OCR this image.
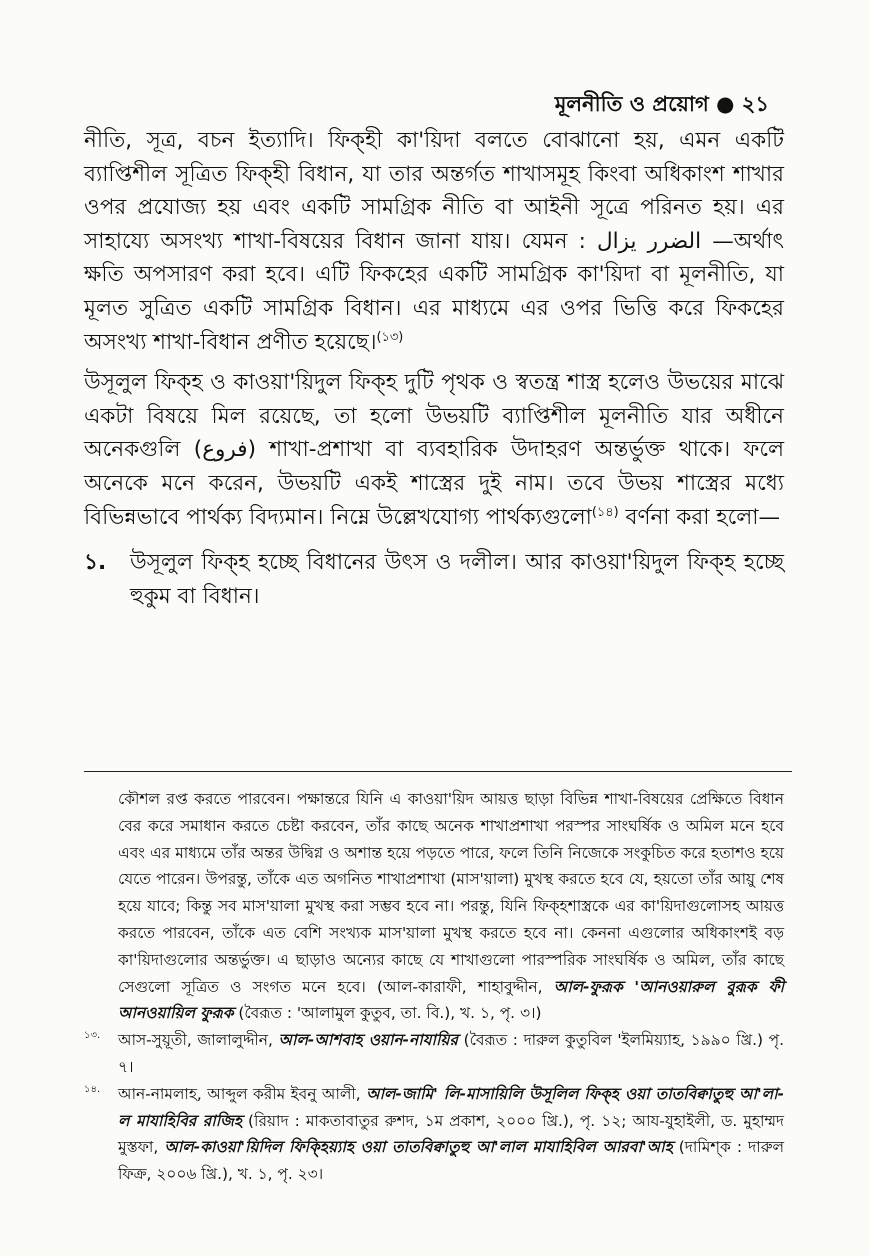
মূলনীতি ও প্রয়োগ ● ২১

নীতি, সূত্র, বচন ইত্যাদি। ফিক্হী কা'য়িদা বলতে বোঝানো হয়, এমন একটি ব্যাপ্তিশীল সূত্রিত ফিক্হী বিধান, যা তার অন্তর্গত শাখাসমূহ কিংবা অধিকাংশ শাখার ওপর প্রযোজ্য হয় এবং একটি সামগ্রিক নীতি বা আইনী সূত্রে পরিনত হয়। এর সাহায্যে অসংখ্য শাখা-বিষয়ের বিধান জানা যায়। যেমন : الضرر يزال —অর্থাৎ ক্ষতি অপসারণ করা হবে। এটি ফিকহের একটি সামগ্রিক কা'য়িদা বা মূলনীতি, যা মূলত সুত্রিত একটি সামগ্রিক বিধান। এর মাধ্যমে এর ওপর ভিত্তি করে ফিকহের অসংখ্য শাখা-বিধান প্রণীত হয়েছে।$^{(১৩)}$

উসূলুল ফিক্হ ও কাওয়া'য়িদুল ফিক্হ দুটি পৃথক ও স্বতন্ত্র শাস্ত্র হলেও উভয়ের মাঝে একটা বিষয়ে মিল রয়েছে, তা হলো উভয়টি ব্যাপ্তিশীল মূলনীতি যার অধীনে অনেকগুলি (فروع) শাখা-প্রশাখা বা ব্যবহারিক উদাহরণ অন্তর্ভুক্ত থাকে। ফলে অনেকে মনে করেন, উভয়টি একই শাস্ত্রের দুই নাম। তবে উভয় শাস্ত্রের মধ্যে বিভিন্নভাবে পার্থক্য বিদ্যমান। নিম্নে উল্লেখযোগ্য পার্থক্যগুলো$^{(১৪)}$ বর্ণনা করা হলো—

১. উসূলুল ফিক্হ হচ্ছে বিধানের উৎস ও দলীল। আর কাওয়া'য়িদুল ফিক্হ হচ্ছে হুকুম বা বিধান।

কৌশল রপ্ত করতে পারবেন। পক্ষান্তরে যিনি এ কাওয়া'য়িদ আয়ত্ত ছাড়া বিভিন্ন শাখা-বিষয়ের প্রেক্ষিতে বিধান বের করে সমাধান করতে চেষ্টা করবেন, তাঁর কাছে অনেক শাখাপ্রশাখা পরস্পর সাংঘর্ষিক ও অমিল মনে হবে এবং এর মাধ্যমে তাঁর অন্তর উদ্বিগ্ন ও অশান্ত হয়ে পড়তে পারে, ফলে তিনি নিজেকে সংকুচিত করে হতাশও হয়ে যেতে পারেন। উপরন্তু, তাঁকে এত অগনিত শাখাপ্রশাখা (মাস'য়ালা) মুখস্থ করতে হবে যে, হয়তো তাঁর আয়ু শেষ হয়ে যাবে; কিন্তু সব মাস'য়ালা মুখস্থ করা সম্ভব হবে না। পরন্তু, যিনি ফিক্হশাস্ত্রকে এর কা'য়িদাগুলোসহ আয়ত্ত করতে পারবেন, তাঁকে এত বেশি সংখ্যক মাস'য়ালা মুখস্থ করতে হবে না। কেননা এগুলোর অধিকাংশই বড় কা'য়িদাগুলোর অন্তর্ভুক্ত। এ ছাড়াও অন্যের কাছে যে শাখাগুলো পারস্পরিক সাংঘর্ষিক ও অমিল, তাঁর কাছে সেগুলো সূত্রিত ও সংগত মনে হবে। (আল-কারাফী, শাহাবুদ্দীন, আল-ফুরূক 'আনওয়ারুল বুরূক ফী আনওয়ায়িল ফুরূক (বৈরূত : 'আলামুল কুতুব, তা. বি.), খ. ১, পৃ. ৩।)

১৩. আস-সুয়ূতী, জালালুদ্দীন, আল-আশবাহ ওয়ান-নাযায়ির (বৈরূত : দারুল কুতুবিল 'ইলমিয়্যাহ, ১৯৯০ খ্রি.) পৃ. ৭।

১৪. আন-নামলাহ, আব্দুল করীম ইবনু আলী, আল-জামি' লি-মাসায়িলি উসূলিল ফিক্হ ওয়া তাতবিক্বাতুহু আ'লা-ল মাযাহিবির রাজিহ (রিয়াদ : মাকতাবাতুর রুশদ, ১ম প্রকাশ, ২০০০ খ্রি.), পৃ. ১২; আয-যুহাইলী, ড. মুহাম্মদ মুস্তফা, আল-কাওয়া'য়িদিল ফিক্হিয়্যাহ ওয়া তাতবিক্বাতুহু আ'লাল মাযাহিবিল আরবা'আহ (দামিশ্‌ক : দারুল ফিক্র, ২০০৬ খ্রি.), খ. ১, পৃ. ২৩।
